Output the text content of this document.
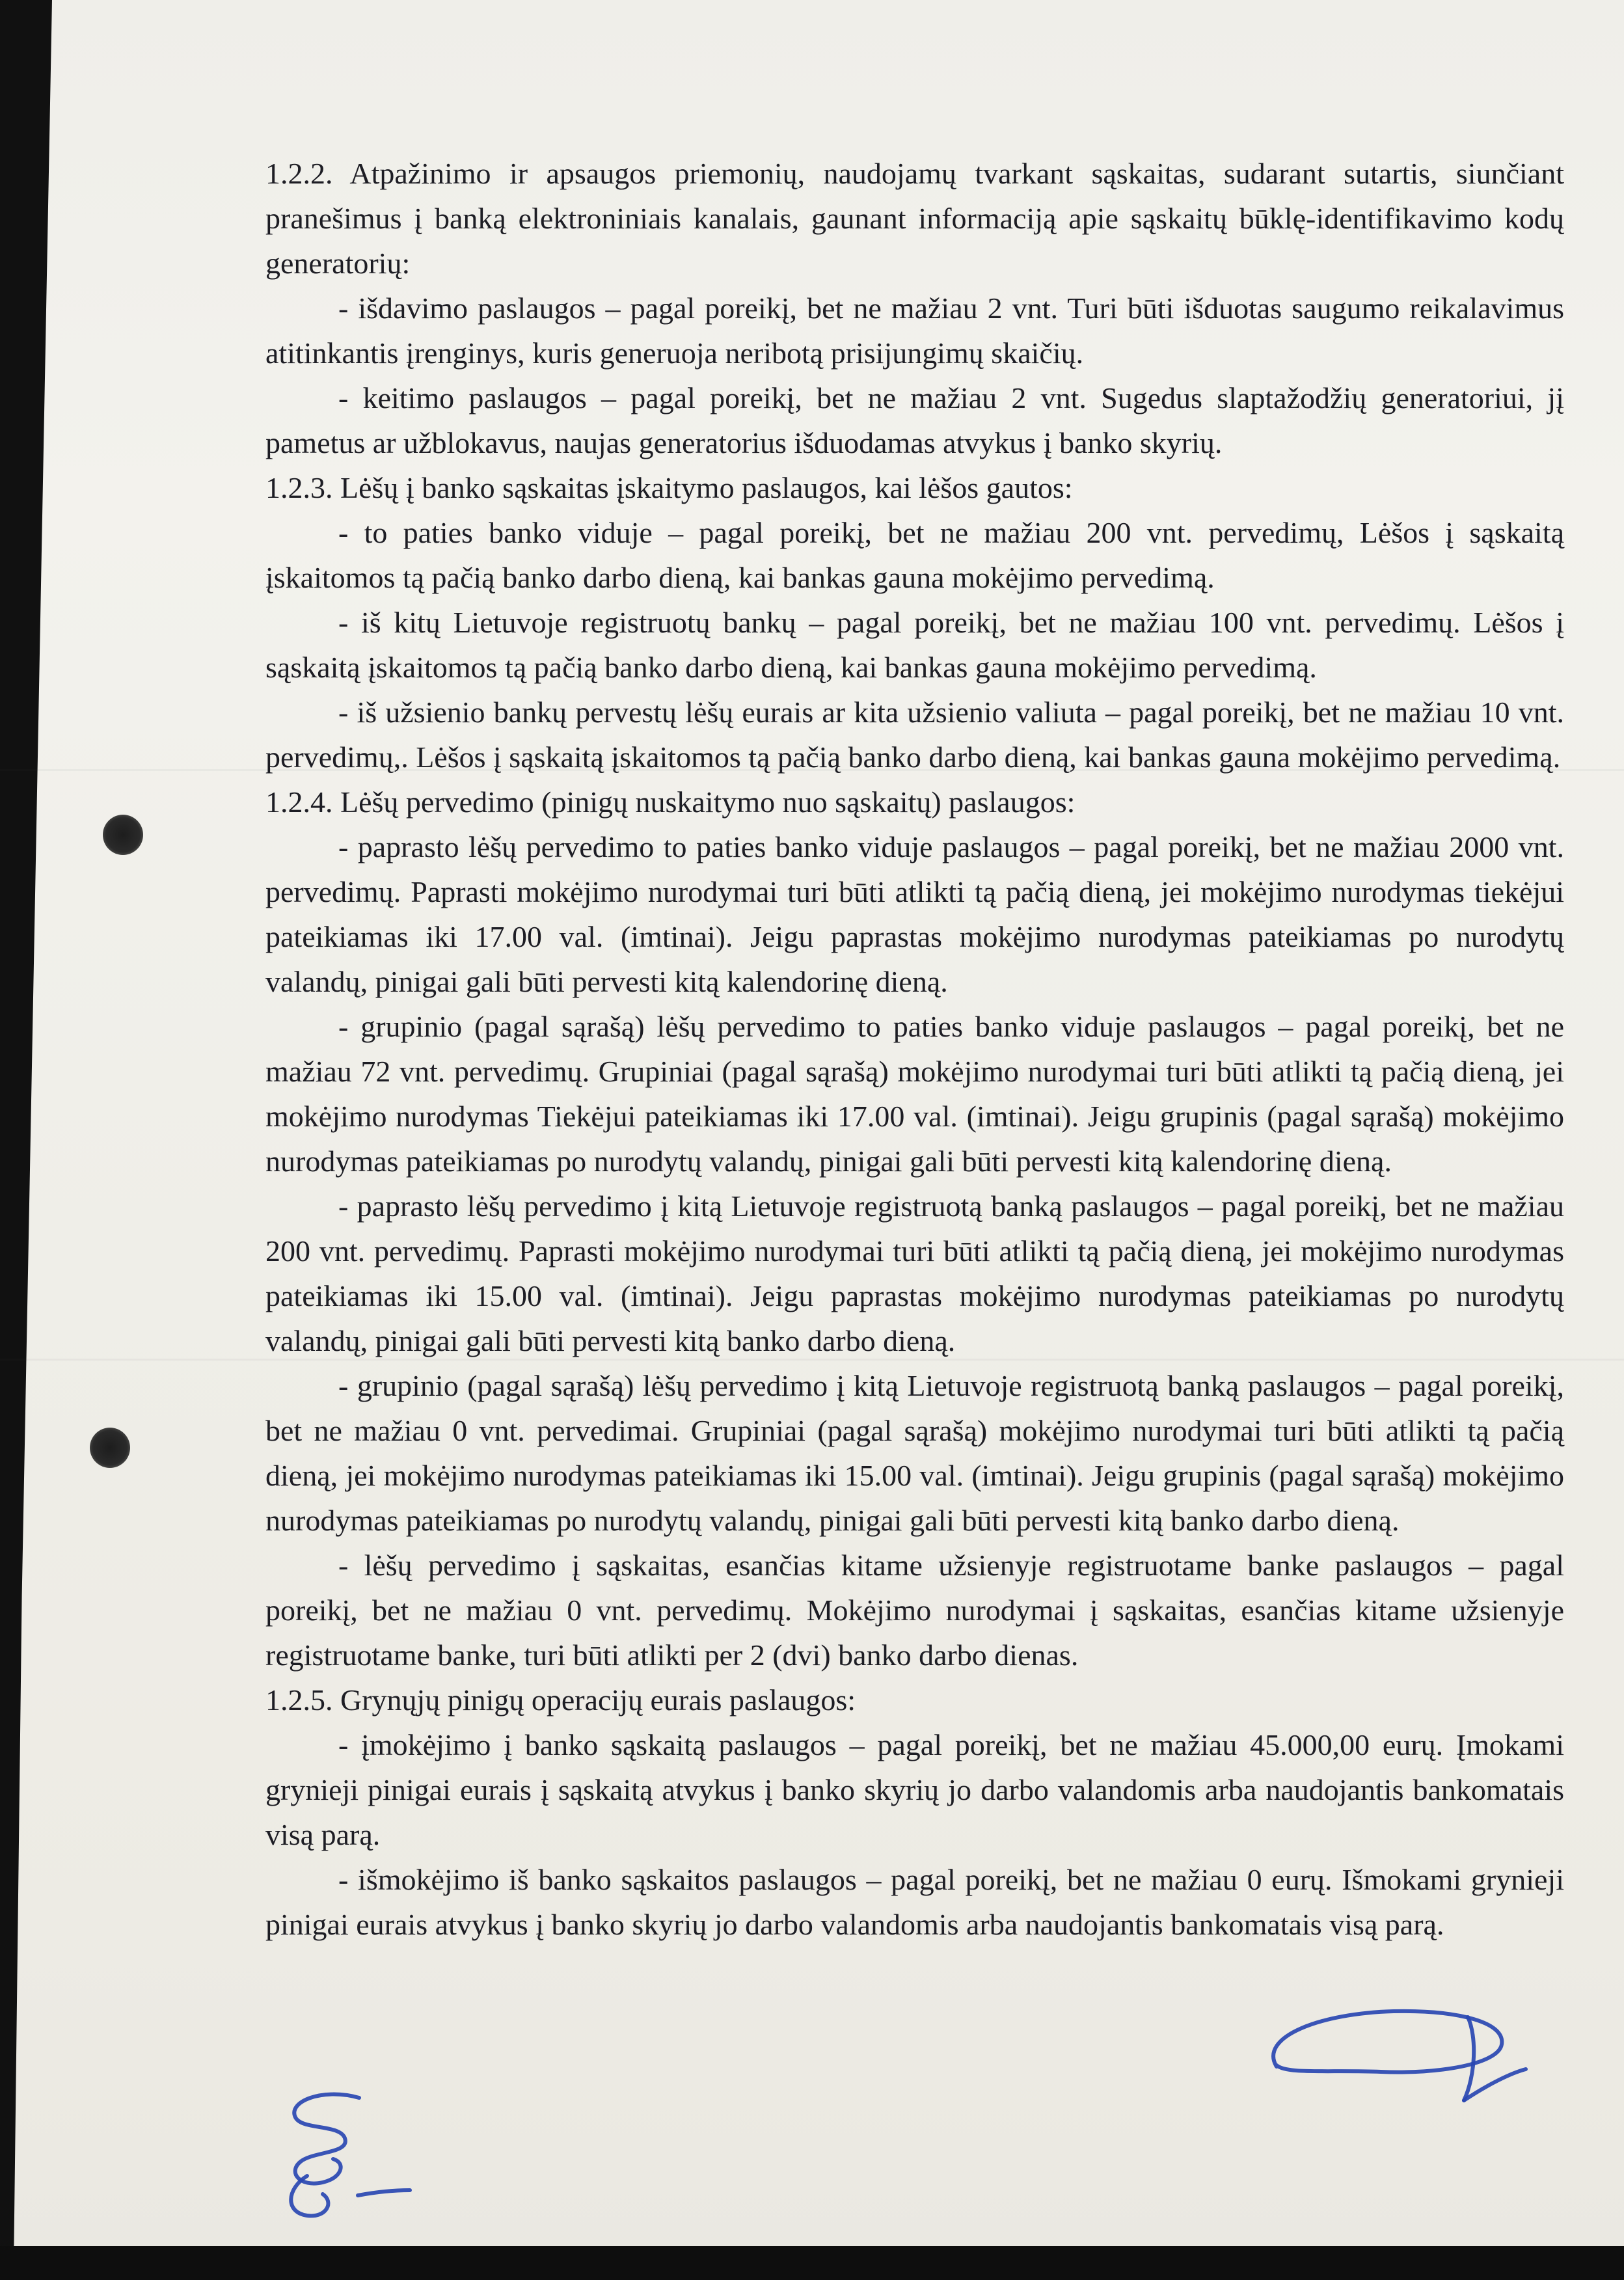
1.2.2. Atpažinimo ir apsaugos priemonių, naudojamų tvarkant sąskaitas, sudarant sutartis, siunčiant pranešimus į banką elektroniniais kanalais, gaunant informaciją apie sąskaitų būklę-identifikavimo kodų generatorių:

- išdavimo paslaugos – pagal poreikį, bet ne mažiau 2 vnt. Turi būti išduotas saugumo reikalavimus atitinkantis įrenginys, kuris generuoja neribotą prisijungimų skaičių.

- keitimo paslaugos – pagal poreikį, bet ne mažiau 2 vnt. Sugedus slaptažodžių generatoriui, jį pametus ar užblokavus, naujas generatorius išduodamas atvykus į banko skyrių.

1.2.3. Lėšų į banko sąskaitas įskaitymo paslaugos, kai lėšos gautos:

- to paties banko viduje – pagal poreikį, bet ne mažiau 200 vnt. pervedimų, Lėšos į sąskaitą įskaitomos tą pačią banko darbo dieną, kai bankas gauna mokėjimo pervedimą.

- iš kitų Lietuvoje registruotų bankų – pagal poreikį, bet ne mažiau 100 vnt. pervedimų. Lėšos į sąskaitą įskaitomos tą pačią banko darbo dieną, kai bankas gauna mokėjimo pervedimą.

- iš užsienio bankų pervestų lėšų eurais ar kita užsienio valiuta – pagal poreikį, bet ne mažiau 10 vnt. pervedimų,. Lėšos į sąskaitą įskaitomos tą pačią banko darbo dieną, kai bankas gauna mokėjimo pervedimą.

1.2.4. Lėšų pervedimo (pinigų nuskaitymo nuo sąskaitų) paslaugos:

- paprasto lėšų pervedimo to paties banko viduje paslaugos – pagal poreikį, bet ne mažiau 2000 vnt. pervedimų. Paprasti mokėjimo nurodymai turi būti atlikti tą pačią dieną, jei mokėjimo nurodymas tiekėjui pateikiamas iki 17.00 val. (imtinai). Jeigu paprastas mokėjimo nurodymas pateikiamas po nurodytų valandų, pinigai gali būti pervesti kitą kalendorinę dieną.

- grupinio (pagal sąrašą) lėšų pervedimo to paties banko viduje paslaugos – pagal poreikį, bet ne mažiau 72 vnt. pervedimų. Grupiniai (pagal sąrašą) mokėjimo nurodymai turi būti atlikti tą pačią dieną, jei mokėjimo nurodymas Tiekėjui pateikiamas iki 17.00 val. (imtinai). Jeigu grupinis (pagal sąrašą) mokėjimo nurodymas pateikiamas po nurodytų valandų, pinigai gali būti pervesti kitą kalendorinę dieną.

- paprasto lėšų pervedimo į kitą Lietuvoje registruotą banką paslaugos – pagal poreikį, bet ne mažiau 200 vnt. pervedimų. Paprasti mokėjimo nurodymai turi būti atlikti tą pačią dieną, jei mokėjimo nurodymas pateikiamas iki 15.00 val. (imtinai). Jeigu paprastas mokėjimo nurodymas pateikiamas po nurodytų valandų, pinigai gali būti pervesti kitą banko darbo dieną.

- grupinio (pagal sąrašą) lėšų pervedimo į kitą Lietuvoje registruotą banką paslaugos – pagal poreikį, bet ne mažiau 0 vnt. pervedimai. Grupiniai (pagal sąrašą) mokėjimo nurodymai turi būti atlikti tą pačią dieną, jei mokėjimo nurodymas pateikiamas iki 15.00 val. (imtinai). Jeigu grupinis (pagal sąrašą) mokėjimo nurodymas pateikiamas po nurodytų valandų, pinigai gali būti pervesti kitą banko darbo dieną.

- lėšų pervedimo į sąskaitas, esančias kitame užsienyje registruotame banke paslaugos – pagal poreikį, bet ne mažiau 0 vnt. pervedimų. Mokėjimo nurodymai į sąskaitas, esančias kitame užsienyje registruotame banke, turi būti atlikti per 2 (dvi) banko darbo dienas.

1.2.5. Grynųjų pinigų operacijų eurais paslaugos:

- įmokėjimo į banko sąskaitą paslaugos – pagal poreikį, bet ne mažiau 45.000,00 eurų. Įmokami grynieji pinigai eurais į sąskaitą atvykus į banko skyrių jo darbo valandomis arba naudojantis bankomatais visą parą.

- išmokėjimo iš banko sąskaitos paslaugos – pagal poreikį, bet ne mažiau 0 eurų. Išmokami grynieji pinigai eurais atvykus į banko skyrių jo darbo valandomis arba naudojantis bankomatais visą parą.
